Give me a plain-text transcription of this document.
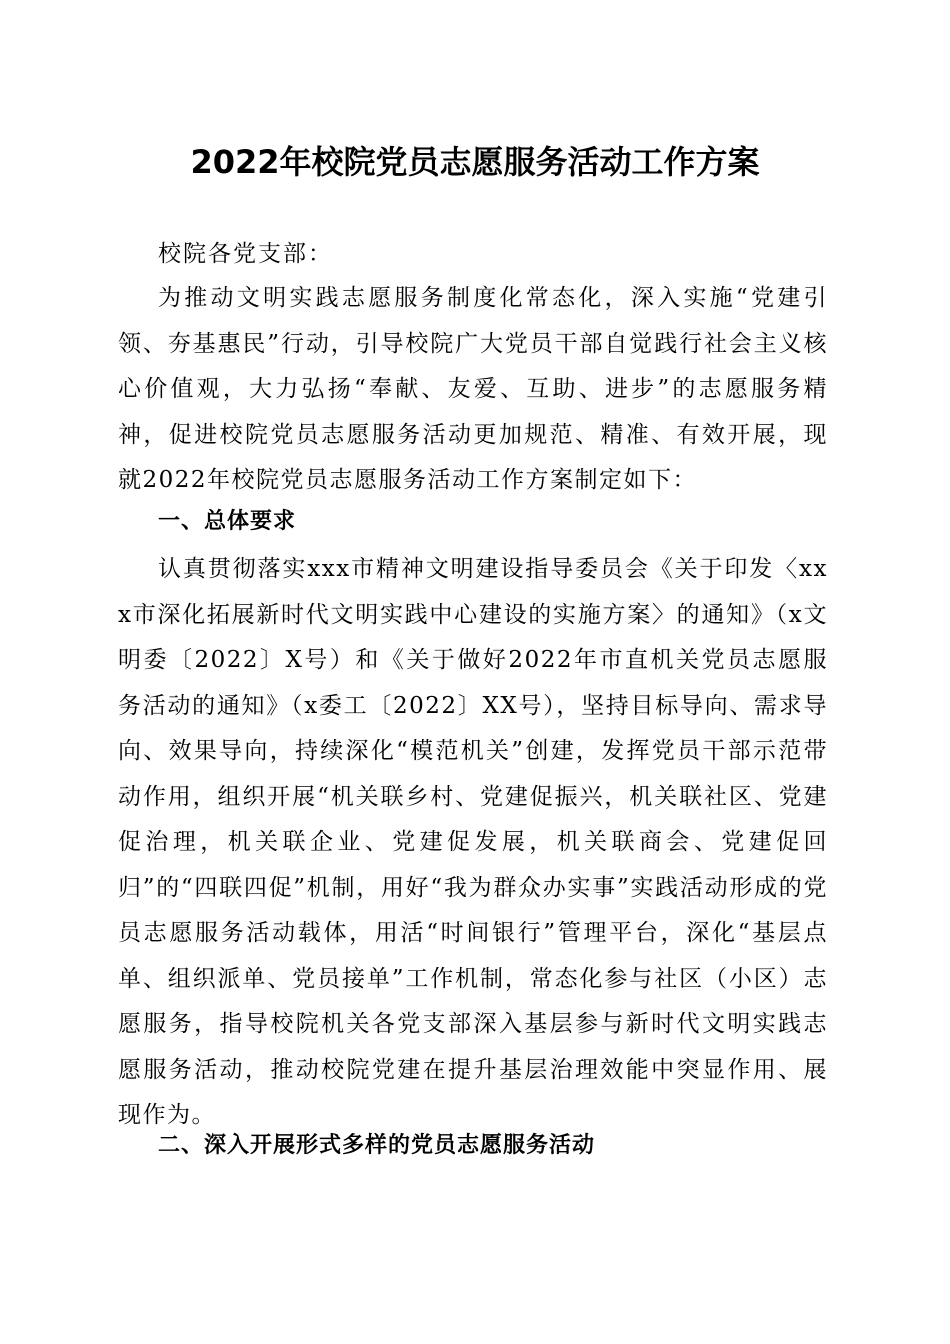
2022年校院党员志愿服务活动工作方案

校院各党支部：

为推动文明实践志愿服务制度化常态化，深入实施“党建引领、夯基惠民”行动，引导校院广大党员干部自觉践行社会主义核心价值观，大力弘扬“奉献、友爱、互助、进步”的志愿服务精神，促进校院党员志愿服务活动更加规范、精准、有效开展，现就2022年校院党员志愿服务活动工作方案制定如下：

一、总体要求

认真贯彻落实xxx市精神文明建设指导委员会《关于印发〈xxx市深化拓展新时代文明实践中心建设的实施方案〉的通知》（x文明委〔2022〕X号）和《关于做好2022年市直机关党员志愿服务活动的通知》（x委工〔2022〕XX号），坚持目标导向、需求导向、效果导向，持续深化“模范机关”创建，发挥党员干部示范带动作用，组织开展“机关联乡村、党建促振兴，机关联社区、党建促治理，机关联企业、党建促发展，机关联商会、党建促回归”的“四联四促”机制，用好“我为群众办实事”实践活动形成的党员志愿服务活动载体，用活“时间银行”管理平台，深化“基层点单、组织派单、党员接单”工作机制，常态化参与社区（小区）志愿服务，指导校院机关各党支部深入基层参与新时代文明实践志愿服务活动，推动校院党建在提升基层治理效能中突显作用、展现作为。

二、深入开展形式多样的党员志愿服务活动
